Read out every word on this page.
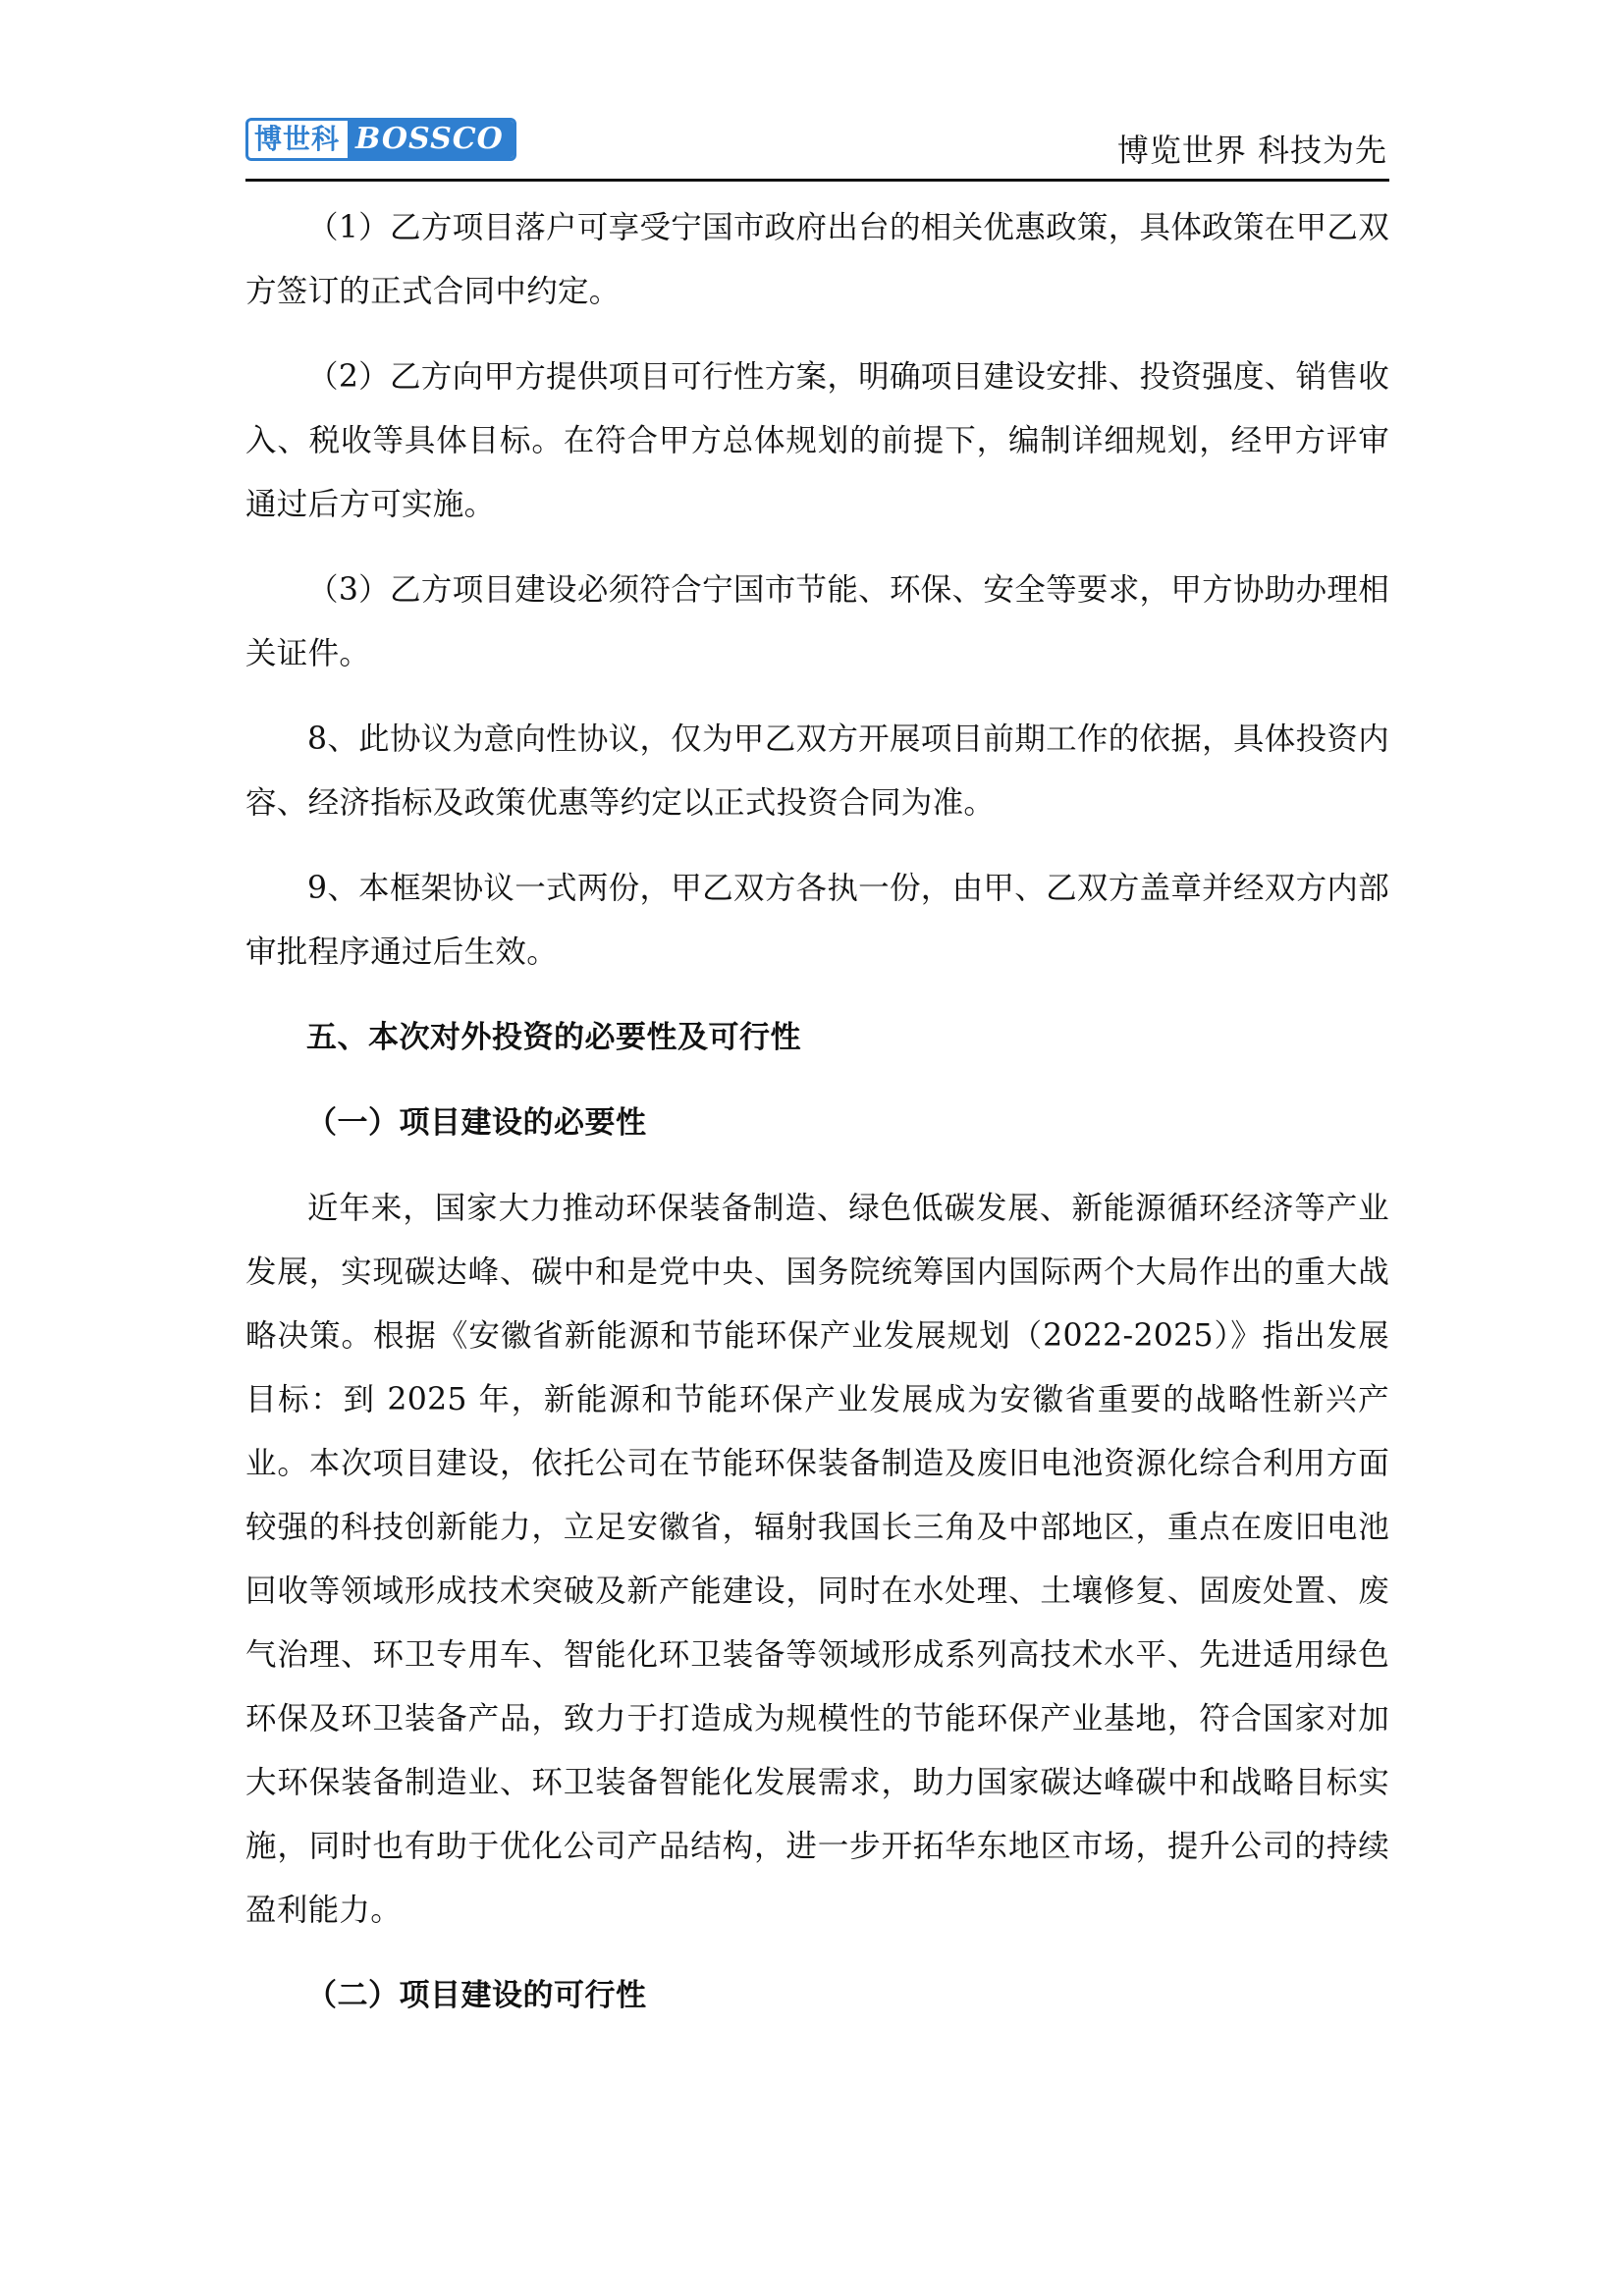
博世科 BOSSCO	博览世界 科技为先

（1）乙方项目落户可享受宁国市政府出台的相关优惠政策，具体政策在甲乙双方签订的正式合同中约定。

（2）乙方向甲方提供项目可行性方案，明确项目建设安排、投资强度、销售收入、税收等具体目标。在符合甲方总体规划的前提下，编制详细规划，经甲方评审通过后方可实施。

（3）乙方项目建设必须符合宁国市节能、环保、安全等要求，甲方协助办理相关证件。

8、此协议为意向性协议，仅为甲乙双方开展项目前期工作的依据，具体投资内容、经济指标及政策优惠等约定以正式投资合同为准。

9、本框架协议一式两份，甲乙双方各执一份，由甲、乙双方盖章并经双方内部审批程序通过后生效。

五、本次对外投资的必要性及可行性

（一）项目建设的必要性

近年来，国家大力推动环保装备制造、绿色低碳发展、新能源循环经济等产业发展，实现碳达峰、碳中和是党中央、国务院统筹国内国际两个大局作出的重大战略决策。根据《安徽省新能源和节能环保产业发展规划（2022-2025）》指出发展目标：到 2025 年，新能源和节能环保产业发展成为安徽省重要的战略性新兴产业。本次项目建设，依托公司在节能环保装备制造及废旧电池资源化综合利用方面较强的科技创新能力，立足安徽省，辐射我国长三角及中部地区，重点在废旧电池回收等领域形成技术突破及新产能建设，同时在水处理、土壤修复、固废处置、废气治理、环卫专用车、智能化环卫装备等领域形成系列高技术水平、先进适用绿色环保及环卫装备产品，致力于打造成为规模性的节能环保产业基地，符合国家对加大环保装备制造业、环卫装备智能化发展需求，助力国家碳达峰碳中和战略目标实施，同时也有助于优化公司产品结构，进一步开拓华东地区市场，提升公司的持续盈利能力。

（二）项目建设的可行性
